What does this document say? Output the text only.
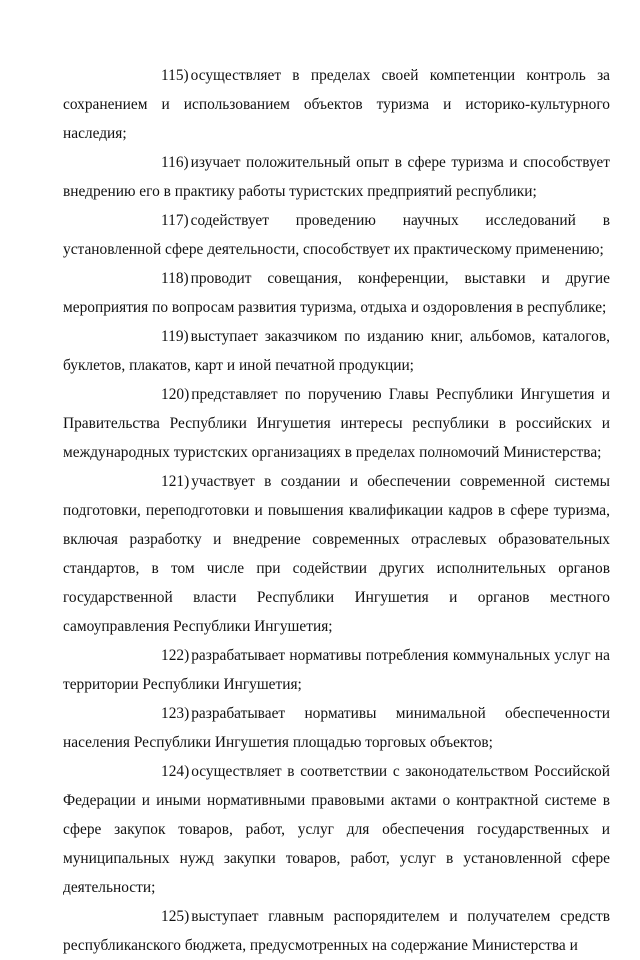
115) осуществляет в пределах своей компетенции контроль за сохранением и использованием объектов туризма и историко-культурного наследия;

116) изучает положительный опыт в сфере туризма и способствует внедрению его в практику работы туристских предприятий республики;

117) содействует проведению научных исследований в установленной сфере деятельности, способствует их практическому применению;

118) проводит совещания, конференции, выставки и другие мероприятия по вопросам развития туризма, отдыха и оздоровления в республике;

119) выступает заказчиком по изданию книг, альбомов, каталогов, буклетов, плакатов, карт и иной печатной продукции;

120) представляет по поручению Главы Республики Ингушетия и Правительства Республики Ингушетия интересы республики в российских и международных туристских организациях в пределах полномочий Министерства;

121) участвует в создании и обеспечении современной системы подготовки, переподготовки и повышения квалификации кадров в сфере туризма, включая разработку и внедрение современных отраслевых образовательных стандартов, в том числе при содействии других исполнительных органов государственной власти Республики Ингушетия и органов местного самоуправления Республики Ингушетия;

122) разрабатывает нормативы потребления коммунальных услуг на территории Республики Ингушетия;

123) разрабатывает нормативы минимальной обеспеченности населения Республики Ингушетия площадью торговых объектов;

124) осуществляет в соответствии с законодательством Российской Федерации и иными нормативными правовыми актами о контрактной системе в сфере закупок товаров, работ, услуг для обеспечения государственных и муниципальных нужд закупки товаров, работ, услуг в установленной сфере деятельности;

125) выступает главным распорядителем и получателем средств республиканского бюджета, предусмотренных на содержание Министерства и
